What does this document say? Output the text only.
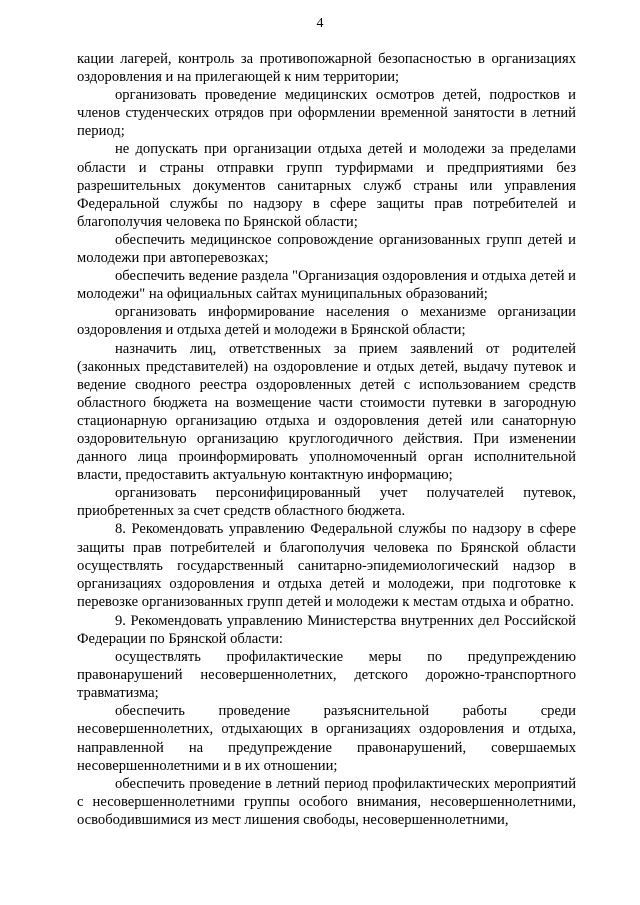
4

кации лагерей, контроль за противопожарной безопасностью в организациях оздоровления и на прилегающей к ним территории;

организовать проведение медицинских осмотров детей, подростков и членов студенческих отрядов при оформлении временной занятости в летний период;

не допускать при организации отдыха детей и молодежи за пределами области и страны отправки групп турфирмами и предприятиями без разрешительных документов санитарных служб страны или управления Федеральной службы по надзору в сфере защиты прав потребителей и благополучия человека по Брянской области;

обеспечить медицинское сопровождение организованных групп детей и молодежи при автоперевозках;

обеспечить ведение раздела "Организация оздоровления и отдыха детей и молодежи" на официальных сайтах муниципальных образований;

организовать информирование населения о механизме организации оздоровления и отдыха детей и молодежи в Брянской области;

назначить лиц, ответственных за прием заявлений от родителей (законных представителей) на оздоровление и отдых детей, выдачу путевок и ведение сводного реестра оздоровленных детей с использованием средств областного бюджета на возмещение части стоимости путевки в загородную стационарную организацию отдыха и оздоровления детей или санаторную оздоровительную организацию круглогодичного действия. При изменении данного лица проинформировать уполномоченный орган исполнительной власти, предоставить актуальную контактную информацию;

организовать персонифицированный учет получателей путевок, приобретенных за счет средств областного бюджета.

8. Рекомендовать управлению Федеральной службы по надзору в сфере защиты прав потребителей и благополучия человека по Брянской области осуществлять государственный санитарно-эпидемиологический надзор в организациях оздоровления и отдыха детей и молодежи, при подготовке к перевозке организованных групп детей и молодежи к местам отдыха и обратно.

9. Рекомендовать управлению Министерства внутренних дел Российской Федерации по Брянской области:

осуществлять профилактические меры по предупреждению правонарушений несовершеннолетних, детского дорожно-транспортного травматизма;

обеспечить проведение разъяснительной работы среди несовершеннолетних, отдыхающих в организациях оздоровления и отдыха, направленной на предупреждение правонарушений, совершаемых несовершеннолетними и в их отношении;

обеспечить проведение в летний период профилактических мероприятий с несовершеннолетними группы особого внимания, несовершеннолетними, освободившимися из мест лишения свободы, несовершеннолетними,
